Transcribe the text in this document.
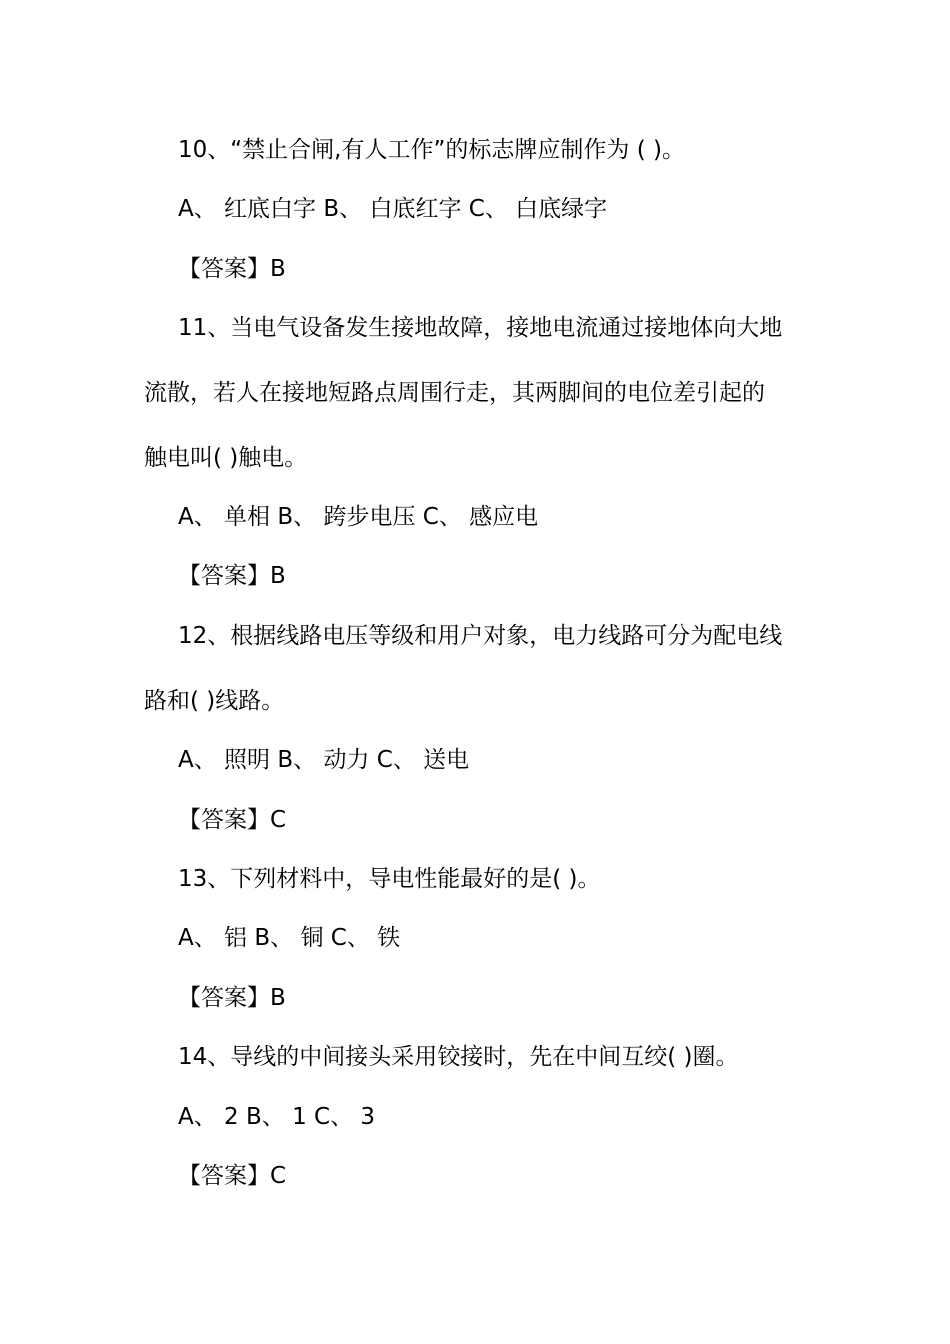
10、“禁止合闸,有人工作”的标志牌应制作为 ( )。
A、 红底白字 B、 白底红字 C、 白底绿字
【答案】B
11、当电气设备发生接地故障，接地电流通过接地体向大地
流散，若人在接地短路点周围行走，其两脚间的电位差引起的
触电叫( )触电。
A、 单相 B、 跨步电压 C、 感应电
【答案】B
12、根据线路电压等级和用户对象，电力线路可分为配电线
路和( )线路。
A、 照明 B、 动力 C、 送电
【答案】C
13、下列材料中，导电性能最好的是( )。
A、 铝 B、 铜 C、 铁
【答案】B
14、导线的中间接头采用铰接时，先在中间互绞( )圈。
A、 2 B、 1 C、 3
【答案】C
